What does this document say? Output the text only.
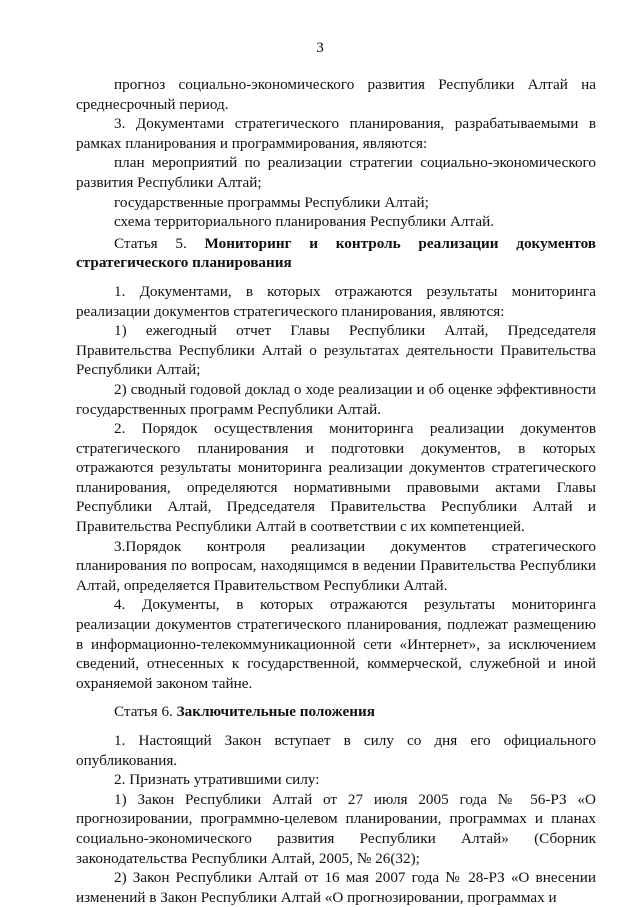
3

прогноз социально-экономического развития Республики Алтай на среднесрочный период.

3. Документами стратегического планирования, разрабатываемыми в рамках планирования и программирования, являются:

план мероприятий по реализации стратегии социально-экономического развития Республики Алтай;

государственные программы Республики Алтай;

схема территориального планирования Республики Алтай.

Статья 5. Мониторинг и контроль реализации документов стратегического планирования

1. Документами, в которых отражаются результаты мониторинга реализации документов стратегического планирования, являются:

1) ежегодный отчет Главы Республики Алтай, Председателя Правительства Республики Алтай о результатах деятельности Правительства Республики Алтай;

2) сводный годовой доклад о ходе реализации и об оценке эффективности государственных программ Республики Алтай.

2. Порядок осуществления мониторинга реализации документов стратегического планирования и подготовки документов, в которых отражаются результаты мониторинга реализации документов стратегического планирования, определяются нормативными правовыми актами Главы Республики Алтай, Председателя Правительства Республики Алтай и Правительства Республики Алтай в соответствии с их компетенцией.

3.Порядок контроля реализации документов стратегического планирования по вопросам, находящимся в ведении Правительства Республики Алтай, определяется Правительством Республики Алтай.

4. Документы, в которых отражаются результаты мониторинга реализации документов стратегического планирования, подлежат размещению в информационно-телекоммуникационной сети «Интернет», за исключением сведений, отнесенных к государственной, коммерческой, служебной и иной охраняемой законом тайне.

Статья 6. Заключительные положения

1. Настоящий Закон вступает в силу со дня его официального опубликования.

2. Признать утратившими силу:

1) Закон Республики Алтай от 27 июля 2005 года № 56-РЗ «О прогнозировании, программно-целевом планировании, программах и планах социально-экономического развития Республики Алтай» (Сборник законодательства Республики Алтай, 2005, № 26(32);

2) Закон Республики Алтай от 16 мая 2007 года № 28-РЗ «О внесении изменений в Закон Республики Алтай «О прогнозировании, программах и
